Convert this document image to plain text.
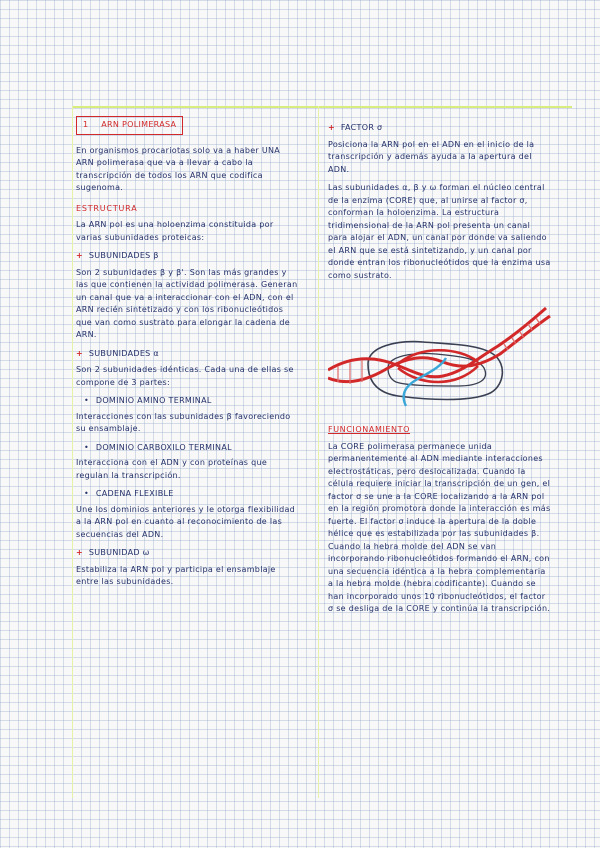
1 ARN POLIMERASA
En organismos procariotas solo va a haber UNA ARN polimerasa que va a llevar a cabo la transcripción de todos los ARN que codifica sugenoma.
ESTRUCTURA
La ARN pol es una holoenzima constituida por varias subunidades proteicas:
+ SUBUNIDADES β
Son 2 subunidades β y β'. Son las más grandes y las que contienen la actividad polimerasa. Generan un canal que va a interaccionar con el ADN, con el ARN recién sintetizado y con los ribonucleótidos que van como sustrato para elongar la cadena de ARN.
+ SUBUNIDADES α
Son 2 subunidades idénticas. Cada una de ellas se compone de 3 partes:
• DOMINIO AMINO TERMINAL
Interacciones con las subunidades β favoreciendo su ensamblaje.
• DOMINIO CARBOXILO TERMINAL
Interacciona con el ADN y con proteínas que regulan la transcripción.
• CADENA FLEXIBLE
Une los dominios anteriores y le otorga flexibilidad a la ARN pol en cuanto al reconocimiento de las secuencias del ADN.
+ SUBUNIDAD ω
Estabiliza la ARN pol y participa el ensamblaje entre las subunidades.
+ FACTOR σ
Posiciona la ARN pol en el ADN en el inicio de la transcripción y además ayuda a la apertura del ADN.
Las subunidades α, β y ω forman el núcleo central de la enzima (CORE) que, al unirse al factor σ, conforman la holoenzima. La estructura tridimensional de la ARN pol presenta un canal para alojar el ADN, un canal por donde va saliendo el ARN que se está sintetizando, y un canal por donde entran los ribonucleótidos que la enzima usa como sustrato.
FUNCIONAMIENTO
La CORE polimerasa permanece unida permanentemente al ADN mediante interacciones electrostáticas, pero deslocalizada. Cuando la célula requiere iniciar la transcripción de un gen, el factor σ se une a la CORE localizando a la ARN pol en la región promotora donde la interacción es más fuerte. El factor σ induce la apertura de la doble hélice que es estabilizada por las subunidades β. Cuando la hebra molde del ADN se van incorporando ribonucleótidos formando el ARN, con una secuencia idéntica a la hebra complementaria a la hebra molde (hebra codificante). Cuando se han incorporado unos 10 ribonucleótidos, el factor σ se desliga de la CORE y continúa la transcripción.
